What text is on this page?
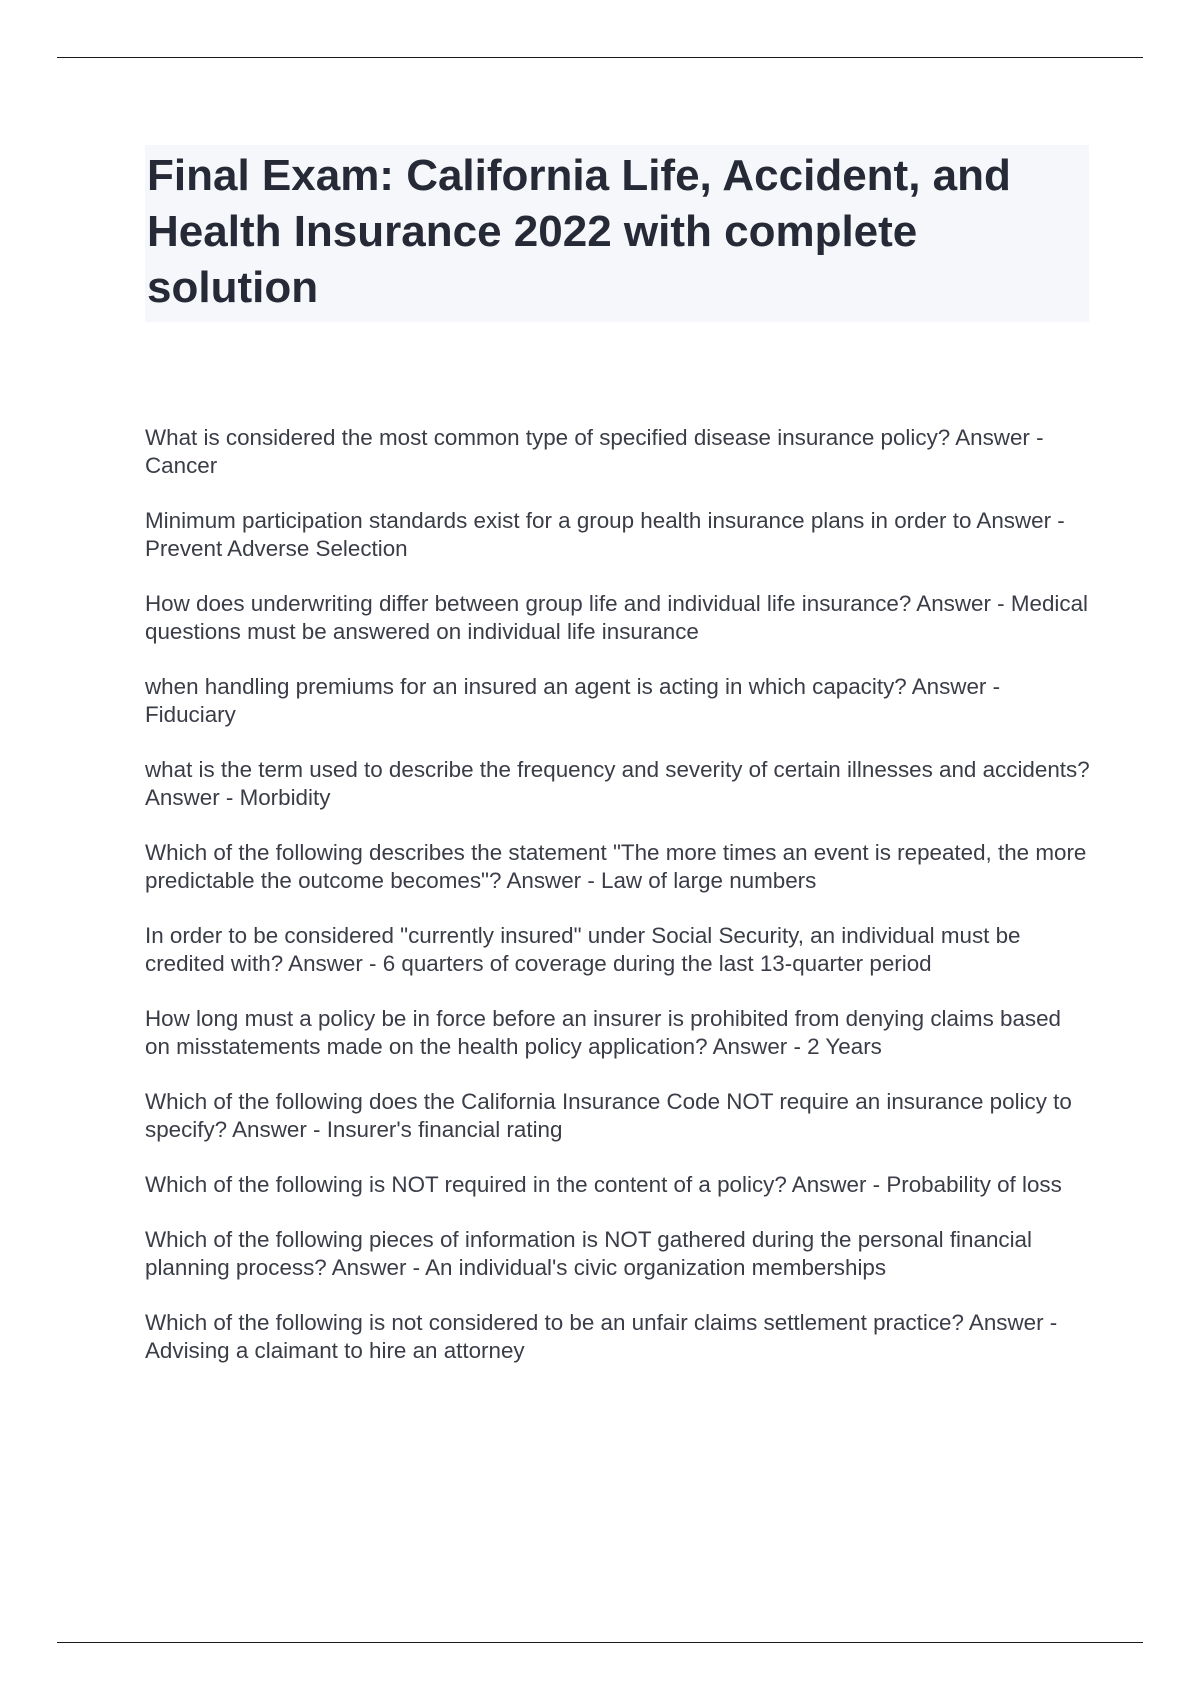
Final Exam: California Life, Accident, and Health Insurance 2022 with complete solution
What is considered the most common type of specified disease insurance policy? Answer - Cancer
Minimum participation standards exist for a group health insurance plans in order to Answer - Prevent Adverse Selection
How does underwriting differ between group life and individual life insurance? Answer - Medical questions must be answered on individual life insurance
when handling premiums for an insured an agent is acting in which capacity? Answer - Fiduciary
what is the term used to describe the frequency and severity of certain illnesses and accidents? Answer - Morbidity
Which of the following describes the statement "The more times an event is repeated, the more predictable the outcome becomes"? Answer - Law of large numbers
In order to be considered "currently insured" under Social Security, an individual must be credited with? Answer - 6 quarters of coverage during the last 13-quarter period
How long must a policy be in force before an insurer is prohibited from denying claims based on misstatements made on the health policy application? Answer - 2 Years
Which of the following does the California Insurance Code NOT require an insurance policy to specify? Answer - Insurer's financial rating
Which of the following is NOT required in the content of a policy? Answer - Probability of loss
Which of the following pieces of information is NOT gathered during the personal financial planning process? Answer - An individual's civic organization memberships
Which of the following is not considered to be an unfair claims settlement practice? Answer - Advising a claimant to hire an attorney
